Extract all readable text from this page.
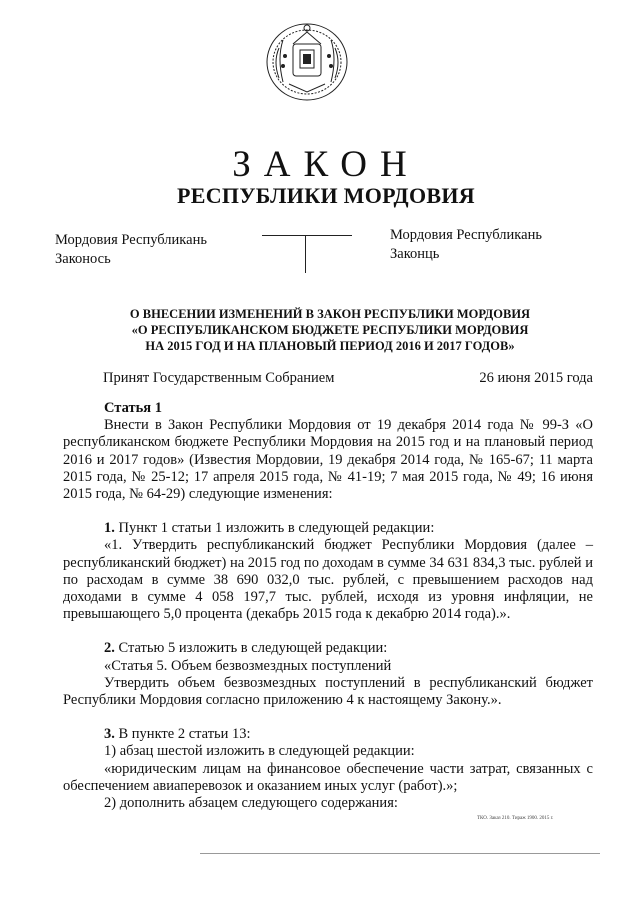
ЗАКОН
РЕСПУБЛИКИ МОРДОВИЯ
Мордовия Республикань
Законось
Мордовия Республикань
Законць
О ВНЕСЕНИИ ИЗМЕНЕНИЙ В ЗАКОН РЕСПУБЛИКИ МОРДОВИЯ
«О РЕСПУБЛИКАНСКОМ БЮДЖЕТЕ РЕСПУБЛИКИ МОРДОВИЯ
НА 2015 ГОД И НА ПЛАНОВЫЙ ПЕРИОД 2016 И 2017 ГОДОВ»
Принят Государственным Собранием	26 июня 2015 года

Статья 1

Внести в Закон Республики Мордовия от 19 декабря 2014 года № 99-З «О республиканском бюджете Республики Мордовия на 2015 год и на плановый период 2016 и 2017 годов» (Известия Мордовии, 19 декабря 2014 года, № 165-67; 11 марта 2015 года, № 25-12; 17 апреля 2015 года, № 41-19; 7 мая 2015 года, № 49; 16 июня 2015 года, № 64-29) следующие изменения:

1. Пункт 1 статьи 1 изложить в следующей редакции:

«1. Утвердить республиканский бюджет Республики Мордовия (далее – республиканский бюджет) на 2015 год по доходам в сумме 34 631 834,3 тыс. рублей и по расходам в сумме 38 690 032,0 тыс. рублей, с превышением расходов над доходами в сумме 4 058 197,7 тыс. рублей, исходя из уровня инфляции, не превышающего 5,0 процента (декабрь 2015 года к декабрю 2014 года).».

2. Статью 5 изложить в следующей редакции:

«Статья 5. Объем безвозмездных поступлений

Утвердить объем безвозмездных поступлений в республиканский бюджет Республики Мордовия согласно приложению 4 к настоящему Закону.».

3. В пункте 2 статьи 13:

1) абзац шестой изложить в следующей редакции:

«юридическим лицам на финансовое обеспечение части затрат, связанных с обеспечением авиаперевозок и оказанием иных услуг (работ).»;

2) дополнить абзацем следующего содержания:

ТКО. Заказ 210. Тираж 1900. 2015 г.
